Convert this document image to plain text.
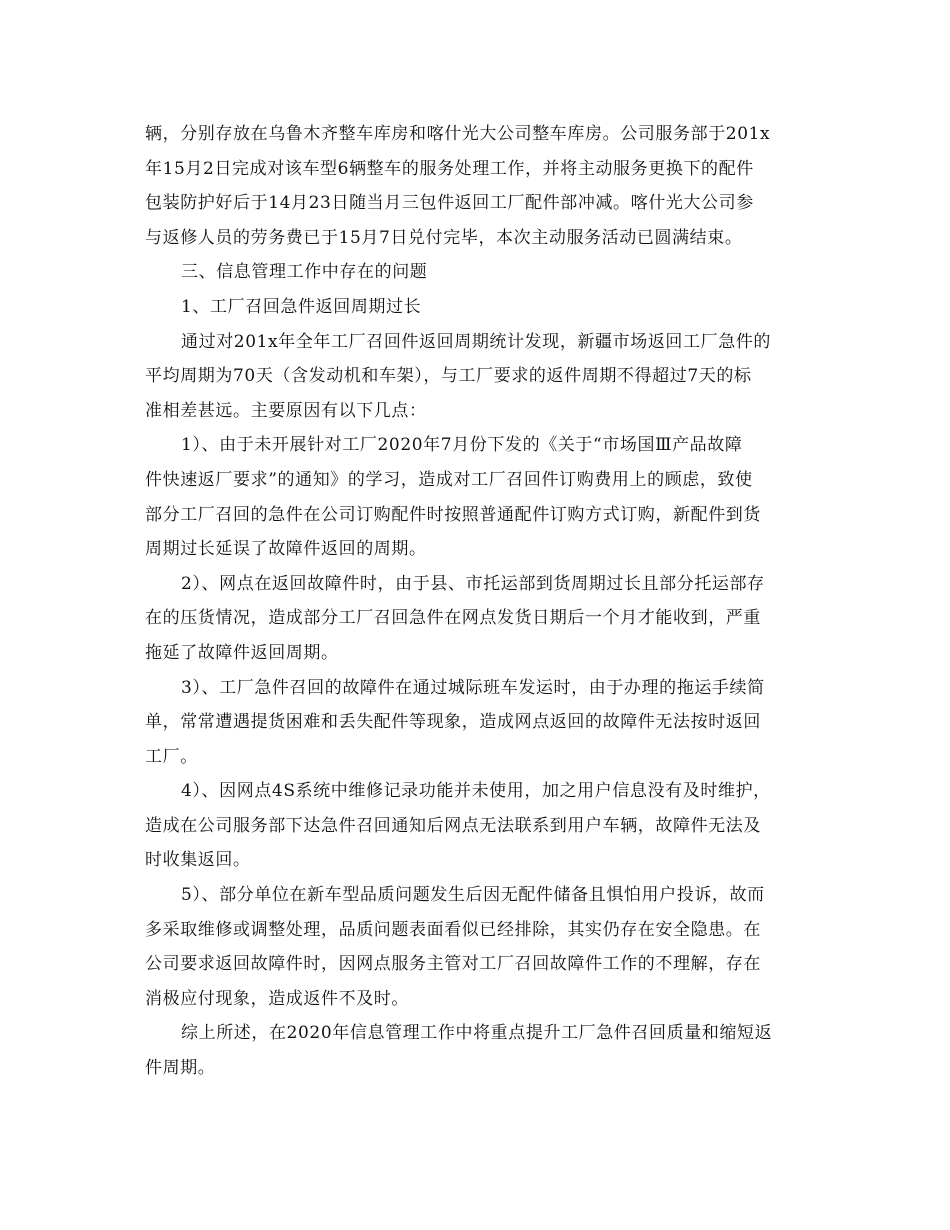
辆，分别存放在乌鲁木齐整车库房和喀什光大公司整车库房。公司服务部于201x
年15月2日完成对该车型6辆整车的服务处理工作，并将主动服务更换下的配件
包装防护好后于14月23日随当月三包件返回工厂配件部冲减。喀什光大公司参
与返修人员的劳务费已于15月7日兑付完毕，本次主动服务活动已圆满结束。
三、信息管理工作中存在的问题
1、工厂召回急件返回周期过长
通过对201x年全年工厂召回件返回周期统计发现，新疆市场返回工厂急件的
平均周期为70天（含发动机和车架），与工厂要求的返件周期不得超过7天的标
准相差甚远。主要原因有以下几点：
1）、由于未开展针对工厂2020年7月份下发的《关于“市场国Ⅲ产品故障
件快速返厂要求”的通知》的学习，造成对工厂召回件订购费用上的顾虑，致使
部分工厂召回的急件在公司订购配件时按照普通配件订购方式订购，新配件到货
周期过长延误了故障件返回的周期。
2）、网点在返回故障件时，由于县、市托运部到货周期过长且部分托运部存
在的压货情况，造成部分工厂召回急件在网点发货日期后一个月才能收到，严重
拖延了故障件返回周期。
3）、工厂急件召回的故障件在通过城际班车发运时，由于办理的拖运手续简
单，常常遭遇提货困难和丢失配件等现象，造成网点返回的故障件无法按时返回
工厂。
4）、因网点4S系统中维修记录功能并未使用，加之用户信息没有及时维护，
造成在公司服务部下达急件召回通知后网点无法联系到用户车辆，故障件无法及
时收集返回。
5）、部分单位在新车型品质问题发生后因无配件储备且惧怕用户投诉，故而
多采取维修或调整处理，品质问题表面看似已经排除，其实仍存在安全隐患。在
公司要求返回故障件时，因网点服务主管对工厂召回故障件工作的不理解，存在
消极应付现象，造成返件不及时。
综上所述，在2020年信息管理工作中将重点提升工厂急件召回质量和缩短返
件周期。
